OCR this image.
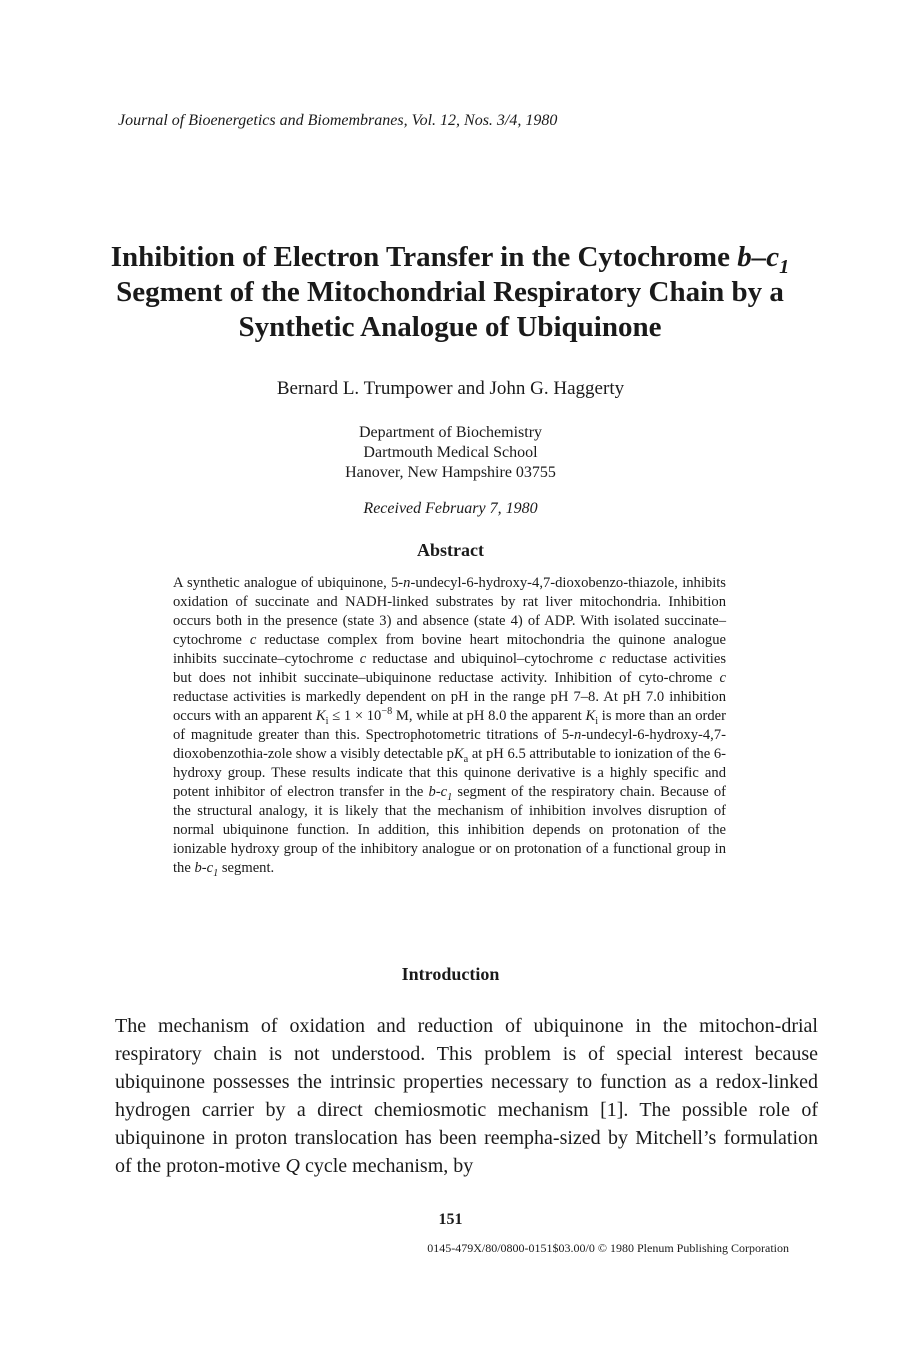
Journal of Bioenergetics and Biomembranes, Vol. 12, Nos. 3/4, 1980
Inhibition of Electron Transfer in the Cytochrome $b-c_1$
Segment of the Mitochondrial Respiratory Chain by a
Synthetic Analogue of Ubiquinone
Bernard L. Trumpower and John G. Haggerty
Department of Biochemistry
Dartmouth Medical School
Hanover, New Hampshire 03755
Received February 7, 1980
Abstract
A synthetic analogue of ubiquinone, 5-n-undecyl-6-hydroxy-4,7-dioxobenzo-thiazole, inhibits oxidation of succinate and NADH-linked substrates by rat liver mitochondria. Inhibition occurs both in the presence (state 3) and absence (state 4) of ADP. With isolated succinate–cytochrome c reductase complex from bovine heart mitochondria the quinone analogue inhibits succinate–cytochrome c reductase and ubiquinol–cytochrome c reductase activities but does not inhibit succinate–ubiquinone reductase activity. Inhibition of cyto-chrome c reductase activities is markedly dependent on pH in the range pH 7–8. At pH 7.0 inhibition occurs with an apparent $K_i \le 1 \times 10^{-8}$ M, while at pH 8.0 the apparent $K_i$ is more than an order of magnitude greater than this. Spectrophotometric titrations of 5-n-undecyl-6-hydroxy-4,7-dioxobenzothia-zole show a visibly detectable $pK_a$ at pH 6.5 attributable to ionization of the 6-hydroxy group. These results indicate that this quinone derivative is a highly specific and potent inhibitor of electron transfer in the $b-c_1$ segment of the respiratory chain. Because of the structural analogy, it is likely that the mechanism of inhibition involves disruption of normal ubiquinone function. In addition, this inhibition depends on protonation of the ionizable hydroxy group of the inhibitory analogue or on protonation of a functional group in the $b-c_1$ segment.
Introduction
The mechanism of oxidation and reduction of ubiquinone in the mitochon-drial respiratory chain is not understood. This problem is of special interest because ubiquinone possesses the intrinsic properties necessary to function as a redox-linked hydrogen carrier by a direct chemiosmotic mechanism [1]. The possible role of ubiquinone in proton translocation has been reempha-sized by Mitchell’s formulation of the proton-motive Q cycle mechanism, by
151
0145-479X/80/0800-0151$03.00/0 © 1980 Plenum Publishing Corporation
